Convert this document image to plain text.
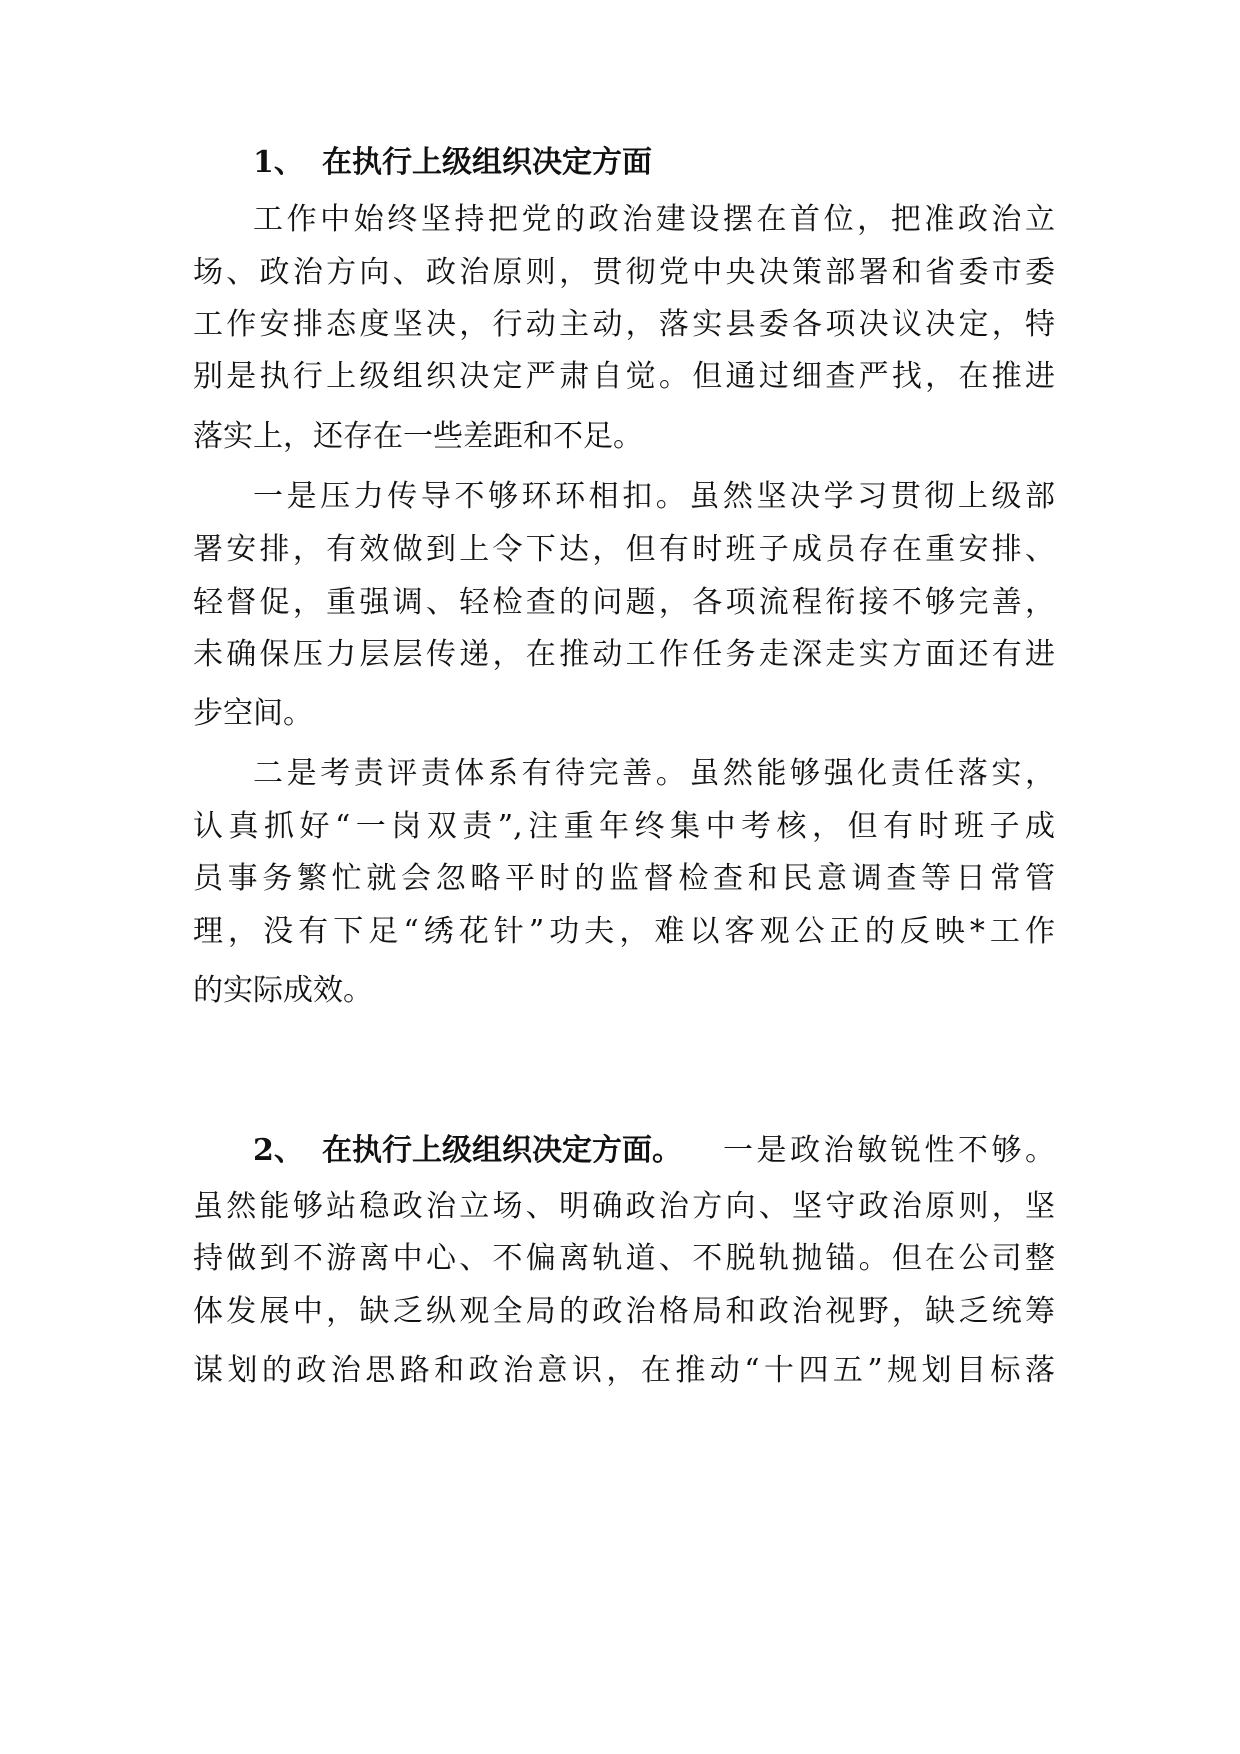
1、 在执行上级组织决定方面
工作中始终坚持把党的政治建设摆在首位，把准政治立
场、政治方向、政治原则，贯彻党中央决策部署和省委市委
工作安排态度坚决，行动主动，落实县委各项决议决定，特
别是执行上级组织决定严肃自觉。但通过细查严找，在推进
落实上，还存在一些差距和不足。
一是压力传导不够环环相扣。虽然坚决学习贯彻上级部
署安排，有效做到上令下达，但有时班子成员存在重安排、
轻督促，重强调、轻检查的问题，各项流程衔接不够完善，
未确保压力层层传递，在推动工作任务走深走实方面还有进
步空间。
二是考责评责体系有待完善。虽然能够强化责任落实，
认真抓好“一岗双责”,注重年终集中考核，但有时班子成
员事务繁忙就会忽略平时的监督检查和民意调查等日常管
理，没有下足“绣花针”功夫，难以客观公正的反映*工作
的实际成效。
2、 在执行上级组织决定方面。 一是政治敏锐性不够。
虽然能够站稳政治立场、明确政治方向、坚守政治原则，坚
持做到不游离中心、不偏离轨道、不脱轨抛锚。但在公司整
体发展中，缺乏纵观全局的政治格局和政治视野，缺乏统筹
谋划的政治思路和政治意识，在推动“十四五”规划目标落
